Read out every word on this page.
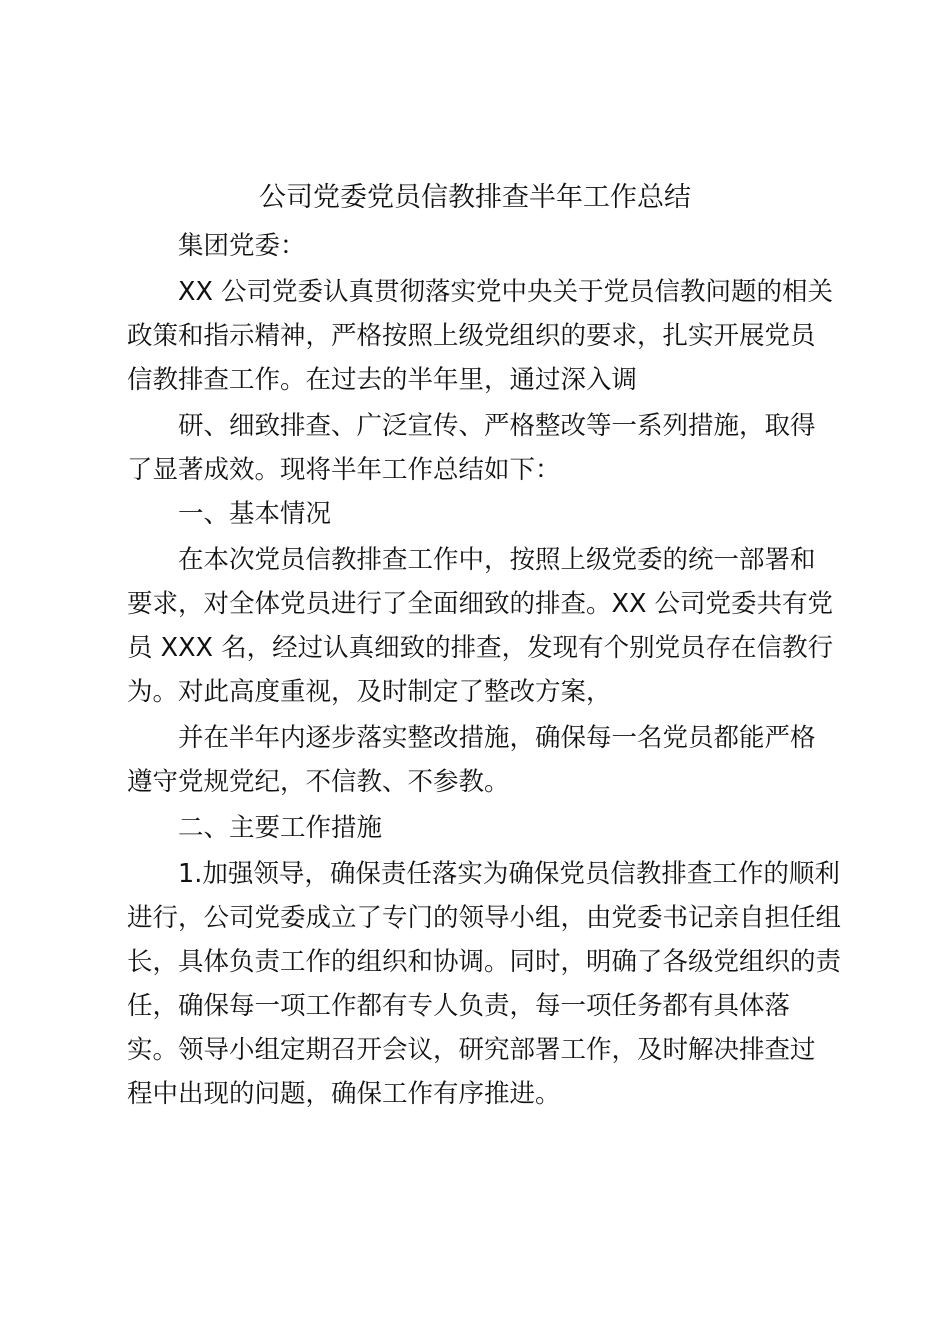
公司党委党员信教排查半年工作总结
集团党委：
XX 公司党委认真贯彻落实党中央关于党员信教问题的相关
政策和指示精神，严格按照上级党组织的要求，扎实开展党员
信教排查工作。在过去的半年里，通过深入调
研、细致排查、广泛宣传、严格整改等一系列措施，取得
了显著成效。现将半年工作总结如下：
一、基本情况
在本次党员信教排查工作中，按照上级党委的统一部署和
要求，对全体党员进行了全面细致的排查。XX 公司党委共有党
员 XXX 名，经过认真细致的排查，发现有个别党员存在信教行
为。对此高度重视，及时制定了整改方案，
并在半年内逐步落实整改措施，确保每一名党员都能严格
遵守党规党纪，不信教、不参教。
二、主要工作措施
1.加强领导，确保责任落实为确保党员信教排查工作的顺利
进行，公司党委成立了专门的领导小组，由党委书记亲自担任组
长，具体负责工作的组织和协调。同时，明确了各级党组织的责
任，确保每一项工作都有专人负责，每一项任务都有具体落
实。领导小组定期召开会议，研究部署工作，及时解决排查过
程中出现的问题，确保工作有序推进。
